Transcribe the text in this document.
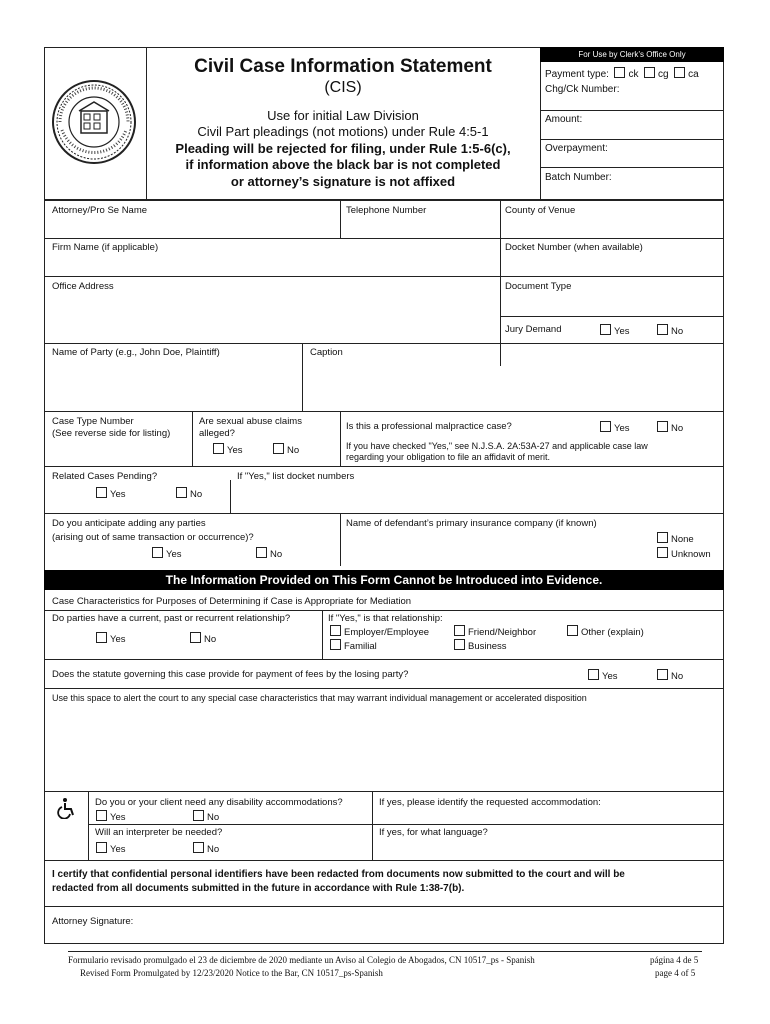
Civil Case Information Statement
(CIS)
Use for initial Law Division
Civil Part pleadings (not motions) under Rule 4:5-1
Pleading will be rejected for filing, under Rule 1:5-6(c),
if information above the black bar is not completed
or attorney’s signature is not affixed
For Use by Clerk’s Office Only
Payment type: ck cg ca
Chg/Ck Number:
Amount:
Overpayment:
Batch Number:
Attorney/Pro Se Name	Telephone Number	County of Venue
Firm Name (if applicable)	Docket Number (when available)
Office Address	Document Type
Jury Demand	Yes	No
Name of Party (e.g., John Doe, Plaintiff)	Caption
Case Type Number
(See reverse side for listing)
Are sexual abuse claims
alleged?
Yes	No
Is this a professional malpractice case?	Yes	No
If you have checked "Yes," see N.J.S.A. 2A:53A-27 and applicable case law
regarding your obligation to file an affidavit of merit.
Related Cases Pending?	If "Yes," list docket numbers
Yes	No
Do you anticipate adding any parties
(arising out of same transaction or occurrence)?
Yes	No
Name of defendant’s primary insurance company (if known)
None
Unknown
The Information Provided on This Form Cannot be Introduced into Evidence.
Case Characteristics for Purposes of Determining if Case is Appropriate for Mediation
Do parties have a current, past or recurrent relationship?
Yes	No
If "Yes," is that relationship:
Employer/Employee	Friend/Neighbor	Other (explain)
Familial	Business
Does the statute governing this case provide for payment of fees by the losing party?	Yes	No
Use this space to alert the court to any special case characteristics that may warrant individual management or accelerated disposition
Do you or your client need any disability accommodations?
Yes	No
If yes, please identify the requested accommodation:
Will an interpreter be needed?
Yes	No
If yes, for what language?
I certify that confidential personal identifiers have been redacted from documents now submitted to the court and will be
redacted from all documents submitted in the future in accordance with Rule 1:38-7(b).
Attorney Signature:
Formulario revisado promulgado el 23 de diciembre de 2020 mediante un Aviso al Colegio de Abogados, CN 10517_ps - Spanish
Revised Form Promulgated by 12/23/2020 Notice to the Bar, CN 10517_ps-Spanish
página 4 de 5
page 4 of 5
